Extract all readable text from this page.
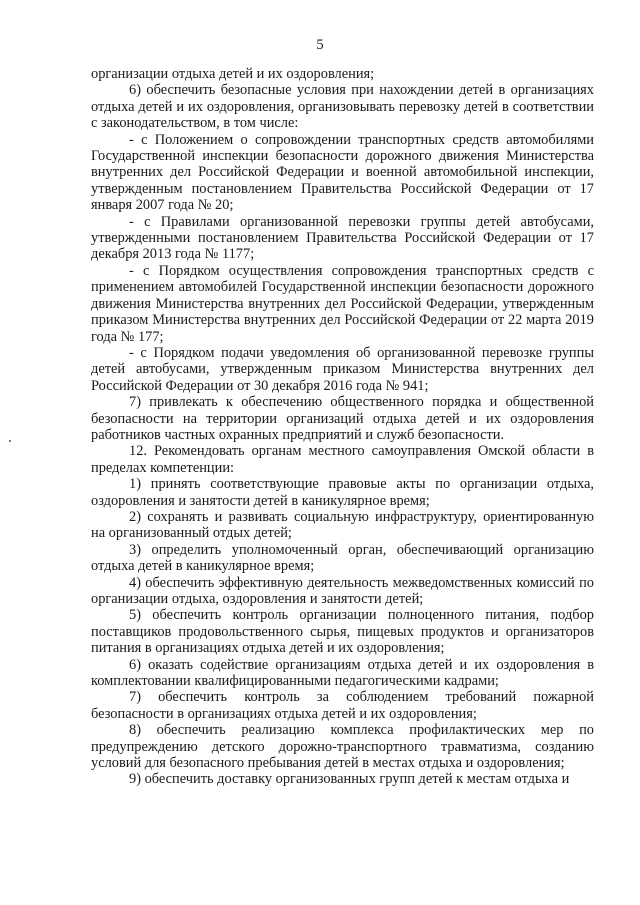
5

организации отдыха детей и их оздоровления;

6) обеспечить безопасные условия при нахождении детей в организациях отдыха детей и их оздоровления, организовывать перевозку детей в соответствии с законодательством, в том числе:

- с Положением о сопровождении транспортных средств автомобилями Государственной инспекции безопасности дорожного движения Министерства внутренних дел Российской Федерации и военной автомобильной инспекции, утвержденным постановлением Правительства Российской Федерации от 17 января 2007 года № 20;

- с Правилами организованной перевозки группы детей автобусами, утвержденными постановлением Правительства Российской Федерации от 17 декабря 2013 года № 1177;

- с Порядком осуществления сопровождения транспортных средств с применением автомобилей Государственной инспекции безопасности дорожного движения Министерства внутренних дел Российской Федерации, утвержденным приказом Министерства внутренних дел Российской Федерации от 22 марта 2019 года № 177;

- с Порядком подачи уведомления об организованной перевозке группы детей автобусами, утвержденным приказом Министерства внутренних дел Российской Федерации от 30 декабря 2016 года № 941;

7) привлекать к обеспечению общественного порядка и общественной безопасности на территории организаций отдыха детей и их оздоровления работников частных охранных предприятий и служб безопасности.

12. Рекомендовать органам местного самоуправления Омской области в пределах компетенции:

1) принять соответствующие правовые акты по организации отдыха, оздоровления и занятости детей в каникулярное время;

2) сохранять и развивать социальную инфраструктуру, ориентированную на организованный отдых детей;

3) определить уполномоченный орган, обеспечивающий организацию отдыха детей в каникулярное время;

4) обеспечить эффективную деятельность межведомственных комиссий по организации отдыха, оздоровления и занятости детей;

5) обеспечить контроль организации полноценного питания, подбор поставщиков продовольственного сырья, пищевых продуктов и организаторов питания в организациях отдыха детей и их оздоровления;

6) оказать содействие организациям отдыха детей и их оздоровления в комплектовании квалифицированными педагогическими кадрами;

7) обеспечить контроль за соблюдением требований пожарной безопасности в организациях отдыха детей и их оздоровления;

8) обеспечить реализацию комплекса профилактических мер по предупреждению детского дорожно-транспортного травматизма, созданию условий для безопасного пребывания детей в местах отдыха и оздоровления;

9) обеспечить доставку организованных групп детей к местам отдыха и
